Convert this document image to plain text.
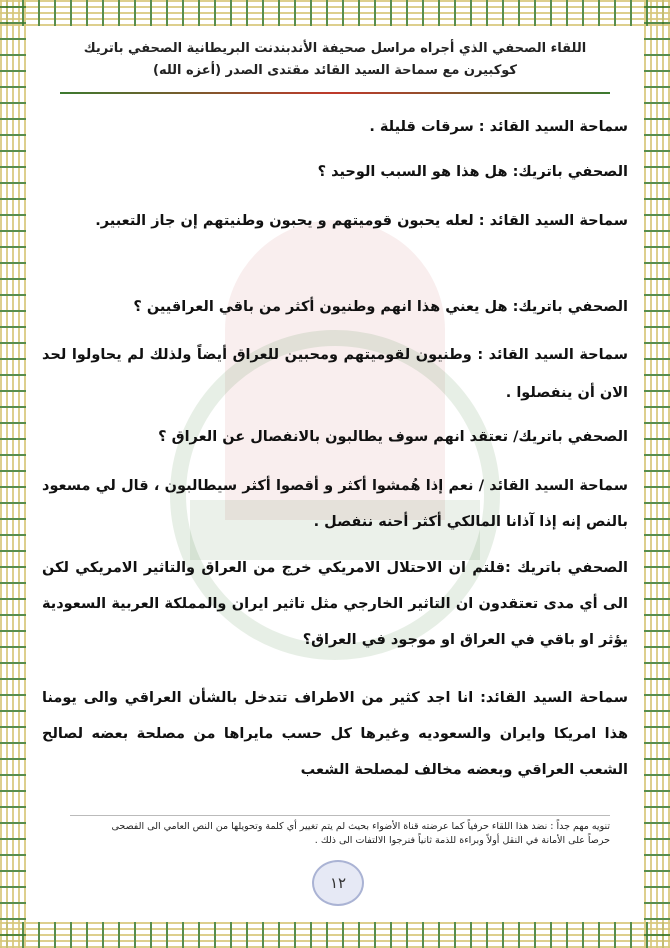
اللقاء الصحفي الذي أجراه مراسل صحيفة الأندبندنت البريطانية الصحفي باتريك
كوكبيرن مع سماحة السيد القائد مقتدى الصدر (أعزه الله)

سماحة السيد القائد : سرقات قليلة .

الصحفي باتريك: هل هذا هو السبب الوحيد ؟

سماحة السيد القائد : لعله يحبون قوميتهم و يحبون وطنيتهم إن جاز التعبير.

الصحفي باتريك: هل يعني هذا انهم وطنيون أكثر من باقي العراقيين ؟

سماحة السيد القائد : وطنيون لقوميتهم ومحبين للعراق أيضاً ولذلك لم يحاولوا لحد الان أن ينفصلوا .

الصحفي باتريك/ تعتقد انهم سوف يطالبون بالانفصال عن العراق ؟

سماحة السيد القائد / نعم إذا هُمشوا أكثر و أقصوا أكثر سيطالبون ، قال لي مسعود بالنص إنه إذا آذانا المالكي أكثر أحنه ننفصل .

الصحفي باتريك :قلتم ان الاحتلال الامريكي خرج من العراق والتاثير الامريكي لكن الى أي مدى تعتقدون ان التاثير الخارجي مثل تاثير ايران والمملكة العربية السعودية يؤثر او باقي في العراق او موجود في العراق؟

سماحة السيد القائد: انا اجد كثير من الاطراف تتدخل بالشأن العراقي والى يومنا هذا امريكا وايران والسعوديه وغيرها كل حسب مايراها من مصلحة بعضه لصالح الشعب العراقي وبعضه مخالف لمصلحة الشعب

تنويه مهم جداً : نضد هذا اللقاء حرفياً كما عرضته قناة الأضواء بحيث لم يتم تغيير أي كلمة وتحويلها من النص العامي الى الفصحى حرصاً على الأمانة في النقل أولاً وبراءة للذمة ثانياً فنرجوا الالتفات الى ذلك .
١٢
